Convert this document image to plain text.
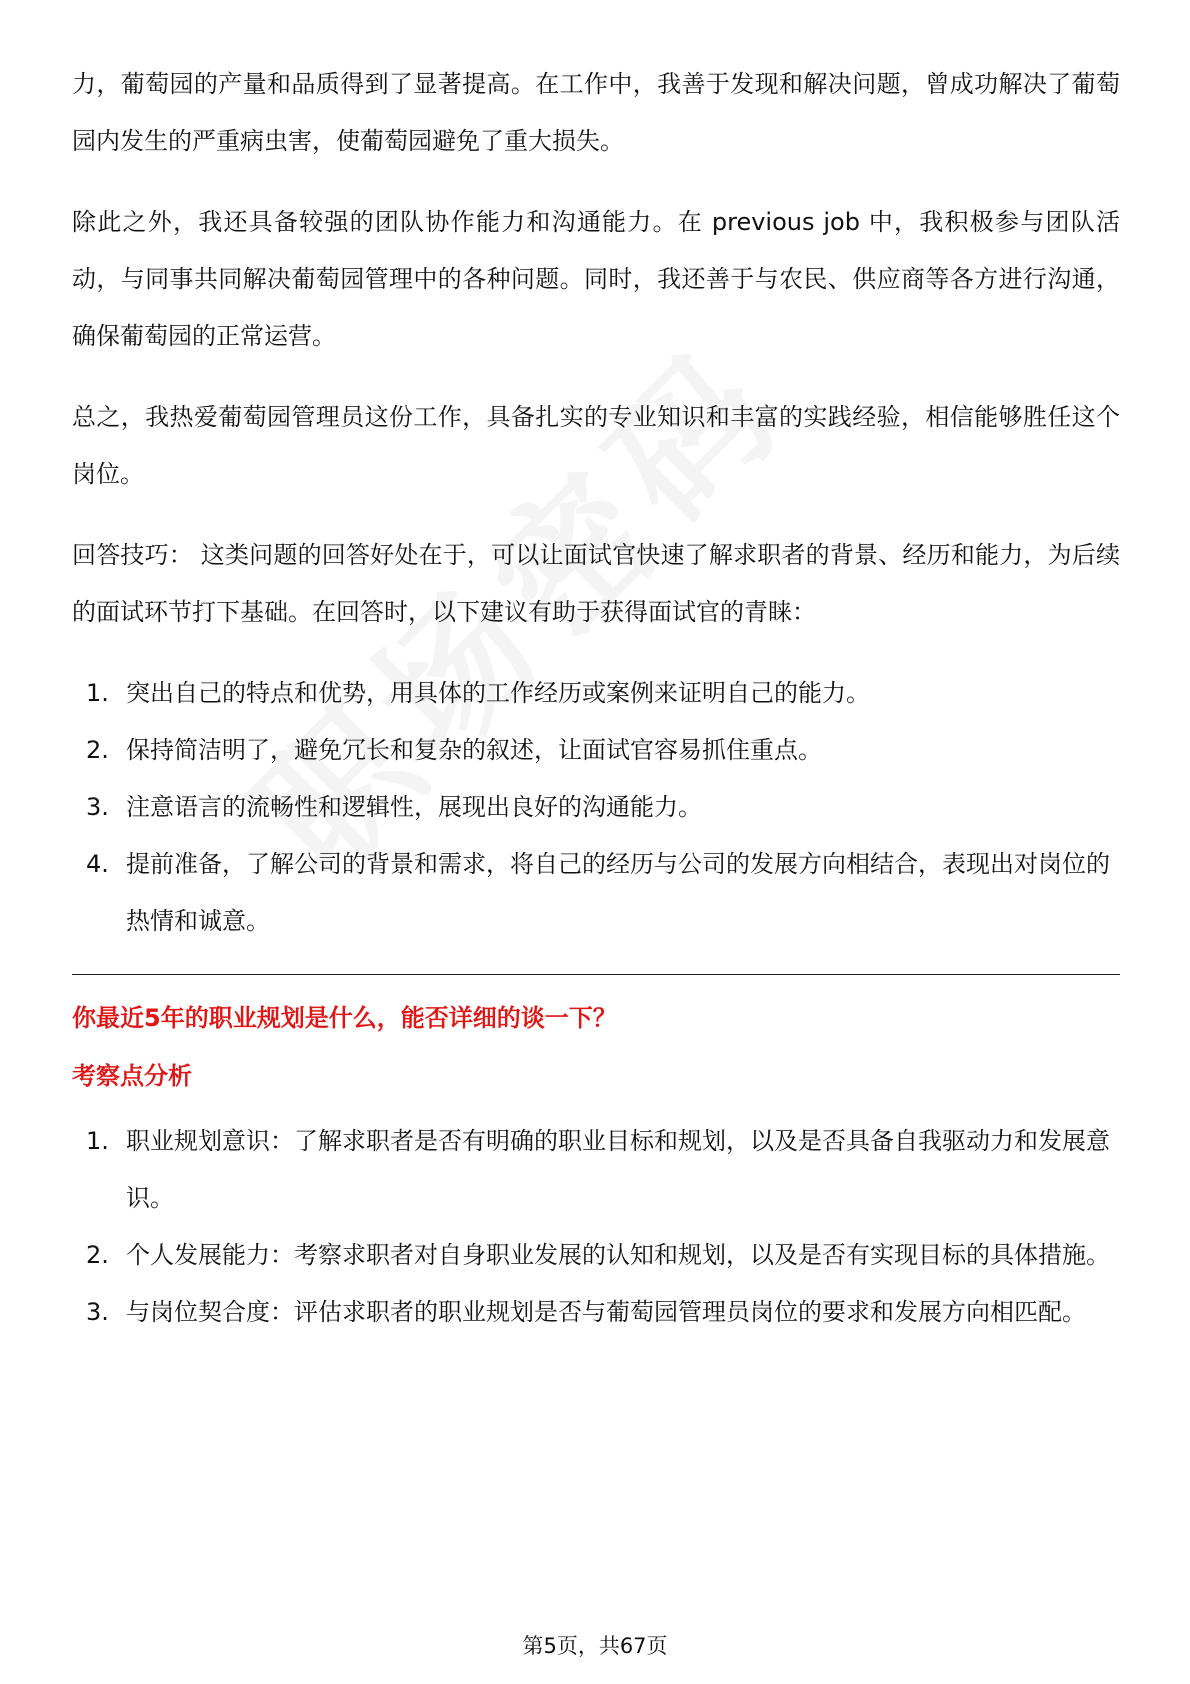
力，葡萄园的产量和品质得到了显著提高。在工作中，我善于发现和解决问题，曾成功解决了葡萄园内发生的严重病虫害，使葡萄园避免了重大损失。

除此之外，我还具备较强的团队协作能力和沟通能力。在 previous job 中，我积极参与团队活动，与同事共同解决葡萄园管理中的各种问题。同时，我还善于与农民、供应商等各方进行沟通，确保葡萄园的正常运营。

总之，我热爱葡萄园管理员这份工作，具备扎实的专业知识和丰富的实践经验，相信能够胜任这个岗位。

回答技巧： 这类问题的回答好处在于，可以让面试官快速了解求职者的背景、经历和能力，为后续的面试环节打下基础。在回答时，以下建议有助于获得面试官的青睐：

1. 突出自己的特点和优势，用具体的工作经历或案例来证明自己的能力。
2. 保持简洁明了，避免冗长和复杂的叙述，让面试官容易抓住重点。
3. 注意语言的流畅性和逻辑性，展现出良好的沟通能力。
4. 提前准备，了解公司的背景和需求，将自己的经历与公司的发展方向相结合，表现出对岗位的热情和诚意。
你最近5年的职业规划是什么，能否详细的谈一下？
考察点分析
1. 职业规划意识：了解求职者是否有明确的职业目标和规划，以及是否具备自我驱动力和发展意识。
2. 个人发展能力：考察求职者对自身职业发展的认知和规划，以及是否有实现目标的具体措施。
3. 与岗位契合度：评估求职者的职业规划是否与葡萄园管理员岗位的要求和发展方向相匹配。
第5页，共67页
